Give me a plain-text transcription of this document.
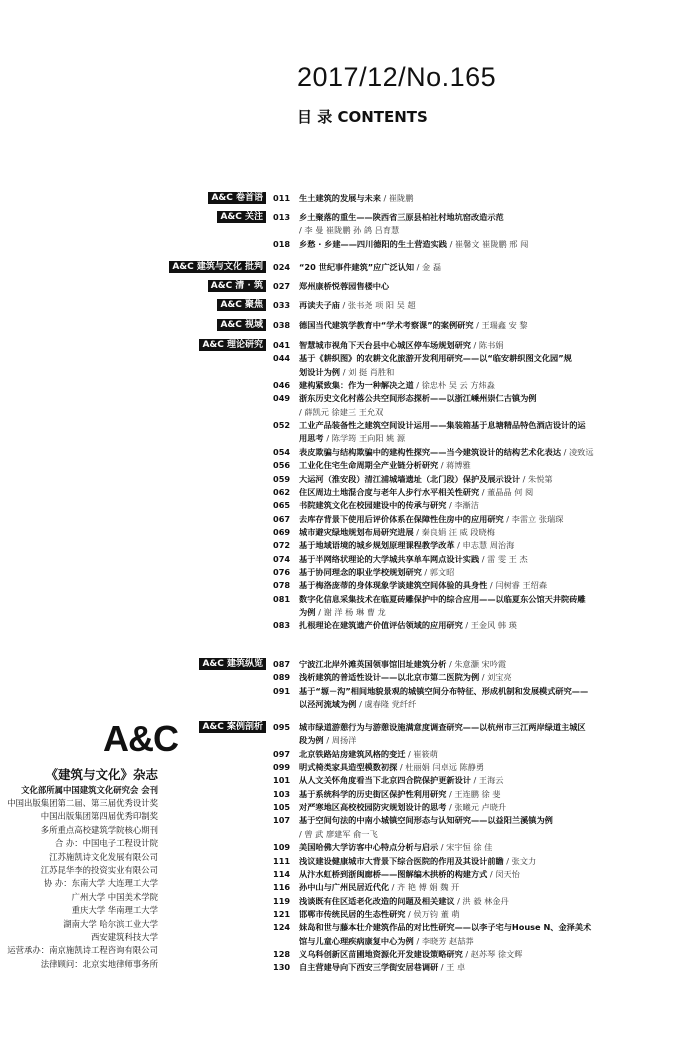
2017/12/No.165
目 录 CONTENTS
A&C 卷首语	011 生土建筑的发展与未来 / 崔陇鹏
A&C 关注	013 乡土聚落的重生——陕西省三原县柏社村地坑窑改造示范
/ 李 曼 崔陇鹏 孙 鸽 吕育慧
018 乡愁 · 乡建——四川德阳的生土营造实践 / 崔馨文 崔陇鹏 邢 闯
A&C 建筑与文化 批判	024 “20 世纪事件建筑”应广泛认知 / 金 磊
A&C 清 · 筑	027 郑州康桥悦蓉园售楼中心
A&C 聚焦	033 再读夫子庙 / 张书尧 项 阳 吴 超
A&C 视域	038 德国当代建筑学教育中“学术考察课”的案例研究 / 王瑞鑫 安 黎
A&C 理论研究	041 智慧城市视角下天台县中心城区停车场规划研究 / 陈书娟
044 基于《耕织图》的农耕文化旅游开发利用研究——以“临安耕织图文化园”规
划设计为例 / 刘 挺 肖胜和
046 建构紧致集：作为一种解决之道 / 徐忠朴 吴 云 方炜淼
049 浙东历史文化村落公共空间形态探析——以浙江嵊州崇仁古镇为例
/ 薛凯元 徐建三 王允双
052 工业产品装备性之建筑空间设计运用——集装箱基于息塘精品特色酒店设计的运
用思考 / 陈学筠 王向阳 姚 源
054 表皮欺骗与结构欺骗中的建构性探究——当今建筑设计的结构艺术化表达 / 凌致远
056 工业化住宅生命周期全产业链分析研究 / 蒋博雅
059 大运河（淮安段）清江浦城墙遗址（北门段）保护及展示设计 / 朱悦第
062 住区周边土地混合度与老年人步行水平相关性研究 / 董晶晶 何 阅
065 书院建筑文化在校园建设中的传承与研究 / 李漸洁
067 去库存背景下使用后评价体系在保障性住房中的应用研究 / 李雷立 张瑞琛
069 城市避灾绿地规划布局研究进展 / 秦良娟 汪 威 段晓梅
072 基于地域语境的城乡规划原理课程教学改革 / 申志慧 周治海
074 基于半网络状理论的大学城共享单车网点设计实践 / 雷 雯 王 杰
076 基于协同理念的职业学校规划研究 / 郭文昭
078 基于梅洛庞蒂的身体现象学谈建筑空间体验的具身性 / 闫树睿 王绍森
081 数字化信息采集技术在临夏砖雕保护中的综合应用——以临夏东公馆天井院砖雕
为例 / 谢 洋 杨 琳 曹 龙
083 扎根理论在建筑遗产价值评估领域的应用研究 / 王金风 韩 瑛
A&C 建筑纵览	087 宁波江北岸外滩英国领事馆旧址建筑分析 / 朱意灏 宋吟霞
089 浅析建筑的普适性设计——以北京市第二医院为例 / 刘宝亮
091 基于“塬－沟”相间地貌景观的城镇空间分布特征、形成机制和发展模式研究——
以泾河流域为例 / 虞春隆 党纤纤
A&C 案例剖析	095 城市绿道游憩行为与游憩设施满意度调查研究——以杭州市三江两岸绿道主城区
段为例 / 周扬洋
097 北京铁路站房建筑风格的变迁 / 崔筱萌
099 明式椅类家具造型模数初探 / 杜丽娟 闫卓远 陈静勇
101 从人文关怀角度看当下北京四合院保护更新设计 / 王海云
103 基于系统科学的历史街区保护性利用研究 / 王连鹏 徐 斐
105 对严寒地区高校校园防灾规划设计的思考 / 张曦元 卢晓升
107 基于空间句法的中南小城镇空间形态与认知研究——以益阳兰溪镇为例
/ 曾 武 廖建军 俞一飞
109 美国哈佛大学访客中心特点分析与启示 / 宋宇恒 徐 佳
111 浅议建设健康城市大背景下综合医院的作用及其设计前瞻 / 张文力
114 从汴水虹桥到浙闽廊桥——图解编木拱桥的构建方式 / 闵天怡
116 孙中山与广州民居近代化 / 齐 艳 傅 娟 魏 开
119 浅谈既有住区适老化改造的问题及相关建议 / 洪 毅 林金丹
121 邯郸市传统民居的生态性研究 / 侯万钧 董 萌
124 妹岛和世与藤本壮介建筑作品的对比性研究——以李子宅与House N、金泽美术
馆与儿童心理疾病康复中心为例 / 李晓芳 赵喆莽
128 义乌科创新区苗圃地资源化开发建设策略研究 / 赵苏琴 徐文辉
130 自主营建导向下西安三学街安居巷调研 / 王 卓
A&C
《建筑与文化》杂志
文化部所属中国建筑文化研究会 会刊
中国出版集团第二届、第三届优秀设计奖
中国出版集团第四届优秀印制奖
多所重点高校建筑学院核心期刊
合 办：中国电子工程设计院
江苏施凯诗文化发展有限公司
江苏昆华李的投资实业有限公司
协 办：东南大学 大连理工大学
广州大学 中国美术学院
重庆大学 华南理工大学
湖南大学 哈尔滨工业大学
西安建筑科技大学
运营承办：南京施凯诗工程咨询有限公司
法律顾问：北京实地律师事务所
